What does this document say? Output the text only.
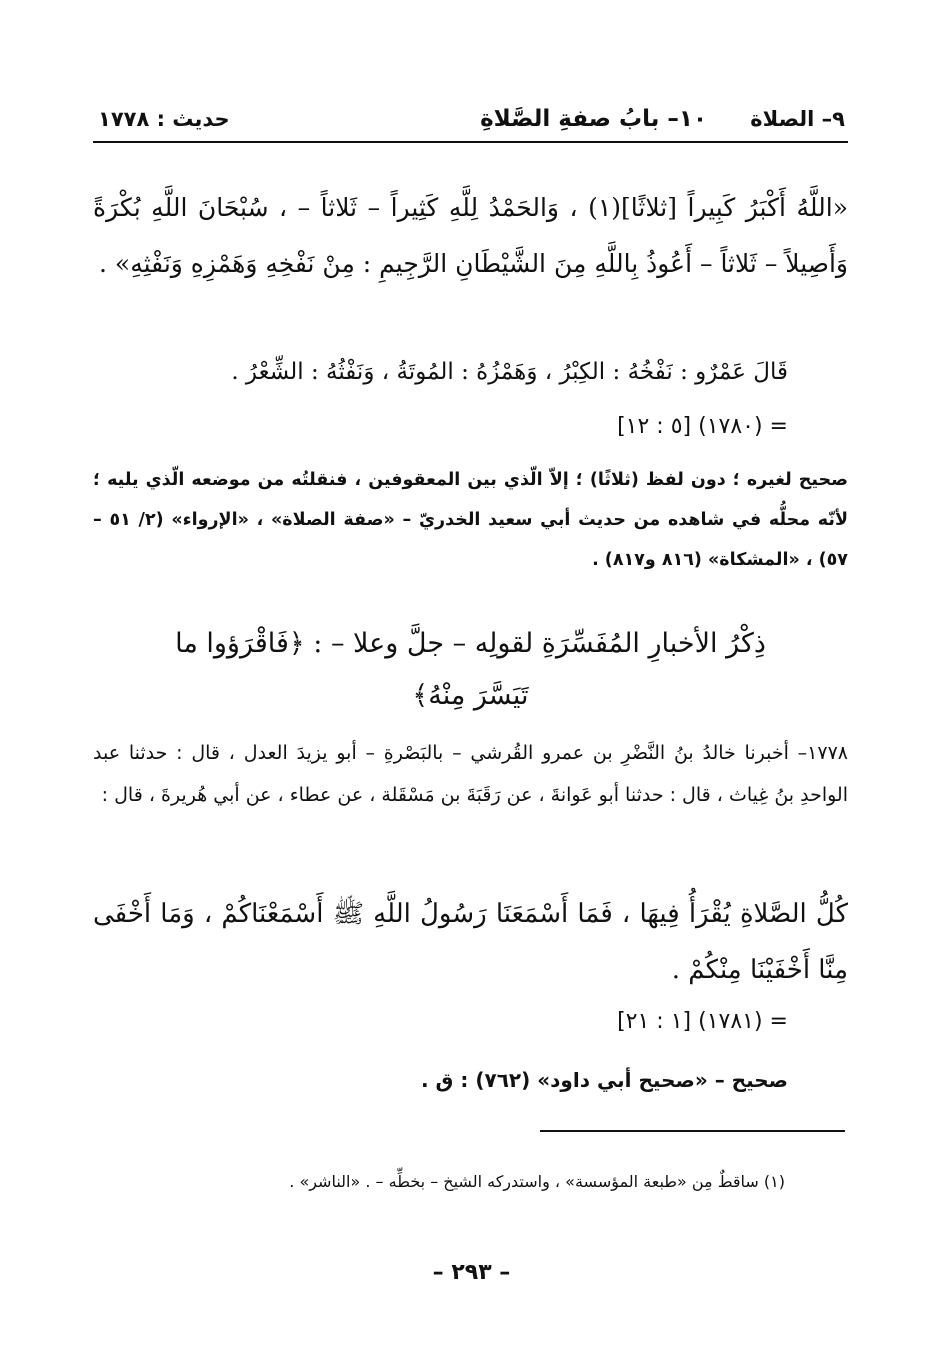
٩– الصلاة
١٠– بابُ صفةِ الصَّلاةِ
حديث : ١٧٧٨
«اللَّهُ أَكْبَرُ كَبِيراً [ثلاثًا](١) ، وَالحَمْدُ لِلَّهِ كَثِيراً – ثَلاثاً – ، سُبْحَانَ اللَّهِ بُكْرَةً وَأَصِيلاً – ثَلاثاً – أَعُوذُ بِاللَّهِ مِنَ الشَّيْطَانِ الرَّجِيمِ : مِنْ نَفْخِهِ وَهَمْزِهِ وَنَفْثِهِ» .
قَالَ عَمْرٌو : نَفْخُهُ : الكِبْرُ ، وَهَمْزُهُ : المُوتَةُ ، وَنَفْثُهُ : الشِّعْرُ .
= (١٧٨٠) [٥ : ١٢]
صحيح لغيره ؛ دون لفظ (ثلاثًا) ؛ إلاّ الّذي بين المعقوفين ، فنقلتُه من موضعه الّذي يليه ؛ لأنّه محلُّه في شاهده من حديث أبي سعيد الخدريّ – «صفة الصلاة» ، «الإرواء» (٢/ ٥١ – ٥٧) ، «المشكاة» (٨١٦ و٨١٧) .
ذِكْرُ الأخبارِ المُفَسِّرَةِ لقولِه – جلَّ وعلا – : ﴿فَاقْرَؤوا ما
تَيَسَّرَ مِنْهُ﴾
١٧٧٨– أخبرنا خالدُ بنُ النَّضْرِ بن عمرو القُرشي – بالبَصْرةِ – أبو يزيدَ العدل ، قال : حدثنا عبد الواحدِ بنُ غِياث ، قال : حدثنا أبو عَوانةَ ، عن رَقَبَةَ بن مَسْقَلة ، عن عطاء ، عن أبي هُريرةَ ، قال :
كُلُّ الصَّلاةِ يُقْرَأُ فِيهَا ، فَمَا أَسْمَعَنَا رَسُولُ اللَّهِ ﷺ أَسْمَعْنَاكُمْ ، وَمَا أَخْفَى مِنَّا أَخْفَيْنَا مِنْكُمْ .
= (١٧٨١) [١ : ٢١]
صحيح – «صحيح أبي داود» (٧٦٢) : ق .
(١) ساقطٌ مِن «طبعة المؤسسة» ، واستدركه الشيخ – بخطِّه – . «الناشر» .
– ٢٩٣ –
